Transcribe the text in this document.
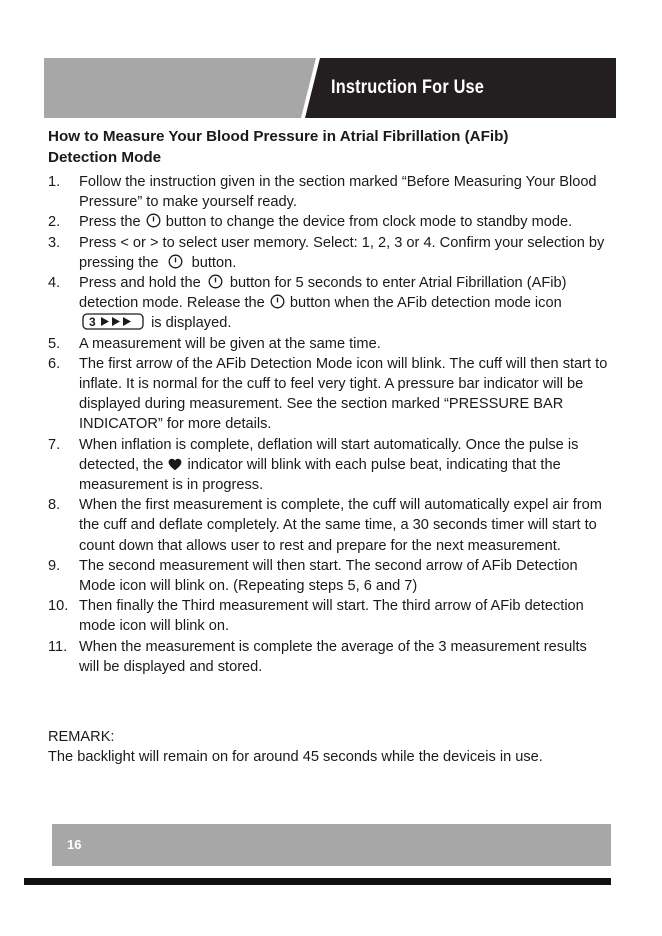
Instruction For Use
How to Measure Your Blood Pressure in Atrial Fibrillation (AFib)
Detection Mode
1. Follow the instruction given in the section marked “Before Measuring Your Blood Pressure” to make yourself ready.
2. Press the button to change the device from clock mode to standby mode.
3. Press < or > to select user memory. Select: 1, 2, 3 or 4. Confirm your selection by pressing the button.
4. Press and hold the button for 5 seconds to enter Atrial Fibrillation (AFib) detection mode. Release the button when the AFib detection mode icon
3	is displayed.
5. A measurement will be given at the same time.
6. The first arrow of the AFib Detection Mode icon will blink. The cuff will then start to inflate. It is normal for the cuff to feel very tight. A pressure bar indicator will be displayed during measurement. See the section marked “PRESSURE BAR INDICATOR” for more details.
7. When inflation is complete, deflation will start automatically. Once the pulse is detected, the indicator will blink with each pulse beat, indicating that the measurement is in progress.
8. When the first measurement is complete, the cuff will automatically expel air from the cuff and deflate completely. At the same time, a 30 seconds timer will start to count down that allows user to rest and prepare for the next measurement.
9. The second measurement will then start. The second arrow of AFib Detection Mode icon will blink on. (Repeating steps 5, 6 and 7)
10. Then finally the Third measurement will start. The third arrow of AFib detection mode icon will blink on.
11. When the measurement is complete the average of the 3 measurement results will be displayed and stored.
REMARK:
The backlight will remain on for around 45 seconds while the deviceis in use.
16
